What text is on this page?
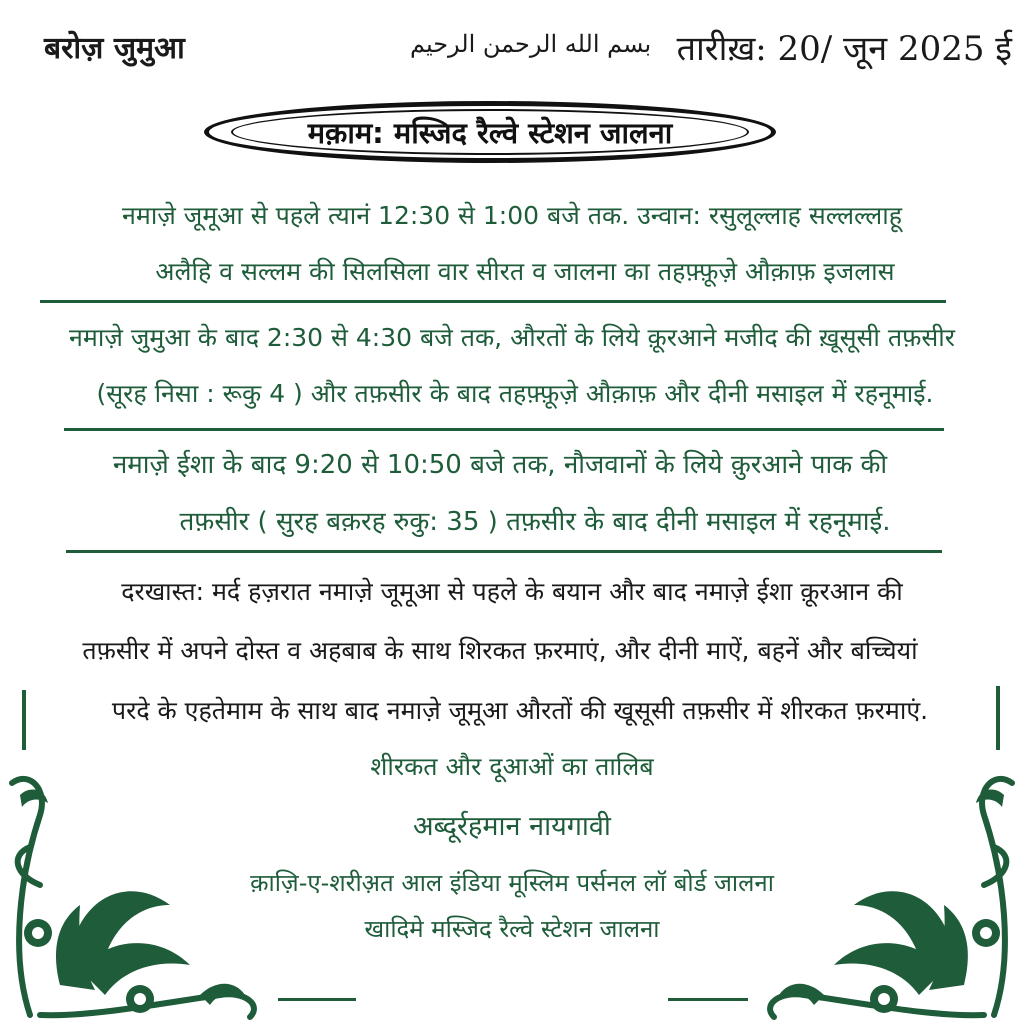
बरोज़ जुमुआ	بسم الله الرحمن الرحیم तारीख़: 20/ जून 2025 ई
मक़ाम: मस्जिद रैल्वे स्टेशन जालना
नमाज़े जूमूआ से पहले त्यानं 12:30 से 1:00 बजे तक. उन्वान: रसुलूल्लाह सल्लल्लाहू
अलैहि व सल्लम की सिलसिला वार सीरत व जालना का तहफ़्फ़ूज़े औक़ाफ़ इजलास
नमाज़े जुमुआ के बाद 2:30 से 4:30 बजे तक, औरतों के लिये क़ूरआने मजीद की ख़ूसूसी तफ़सीर
(सूरह निसा : रूकु 4 ) और तफ़सीर के बाद तहफ़्फ़ूज़े औक़ाफ़ और दीनी मसाइल में रहनूमाई.
नमाज़े ईशा के बाद 9:20 से 10:50 बजे तक, नौजवानों के लिये क़ुरआने पाक की
तफ़सीर ( सुरह बक़रह रुकु: 35 ) तफ़सीर के बाद दीनी मसाइल में रहनूमाई.
दरखास्त: मर्द हज़रात नमाज़े जूमूआ से पहले के बयान और बाद नमाज़े ईशा क़ूरआन की
तफ़सीर में अपने दोस्त व अहबाब के साथ शिरकत फ़रमाएं, और दीनी माऐं, बहनें और बच्चियां
परदे के एहतेमाम के साथ बाद नमाज़े जूमूआ औरतों की खूसूसी तफ़सीर में शीरकत फ़रमाएं.
शीरकत और दूआओं का तालिब
अब्दूर्रहमान नायगावी
क़ाज़ि-ए-शरीअ़त आल इंडिया मूस्लिम पर्सनल लॉ बोर्ड जालना
खादिमे मस्जिद रैल्वे स्टेशन जालना
